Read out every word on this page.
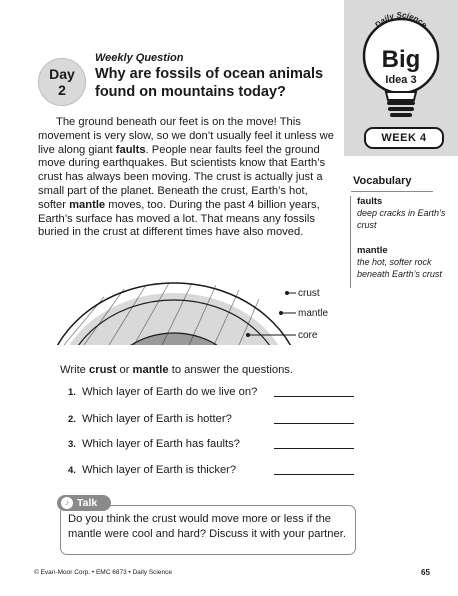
Daily Science
Big
Idea 3
WEEK 4
Day
2
Weekly Question
Why are fossils of ocean animals found on mountains today?
The ground beneath our feet is on the move! This movement is very slow, so we don’t usually feel it unless we live along giant faults. People near faults feel the ground move during earthquakes. But scientists know that Earth’s crust has always been moving. The crust is actually just a small part of the planet. Beneath the crust, Earth’s hot, softer mantle moves, too. During the past 4 billion years, Earth’s surface has moved a lot. That means any fossils buried in the crust at different times have also moved.
Vocabulary
faults
deep cracks in Earth’s crust
mantle
the hot, softer rock beneath Earth’s crust
crust
mantle
core
Write crust or mantle to answer the questions.
1. Which layer of Earth do we live on?
2. Which layer of Earth is hotter?
3. Which layer of Earth has faults?
4. Which layer of Earth is thicker?
♪ Talk
Do you think the crust would move more or less if the mantle were cool and hard? Discuss it with your partner.
© Evan-Moor Corp. • EMC 6873 • Daily Science	65
